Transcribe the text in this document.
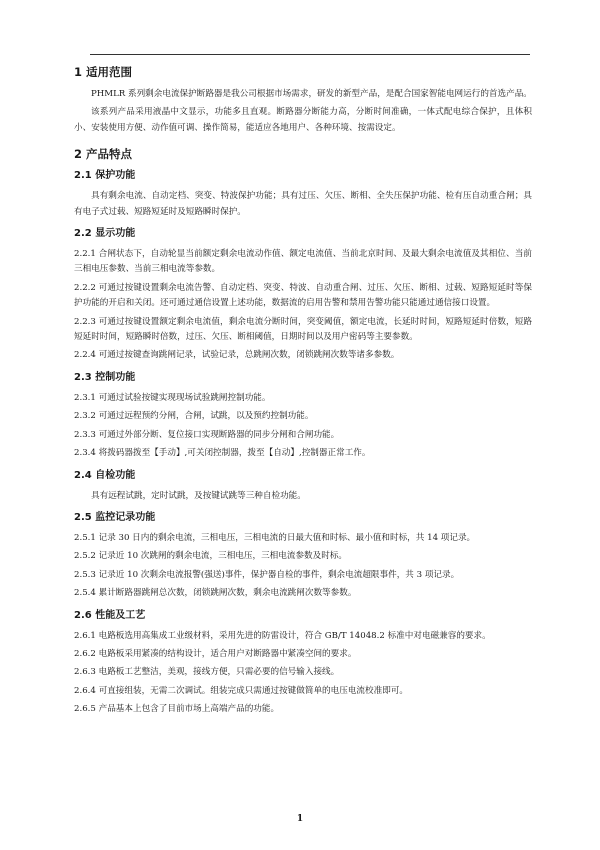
1 适用范围
PHMLR 系列剩余电流保护断路器是我公司根据市场需求，研发的新型产品，是配合国家智能电网运行的首选产品。
该系列产品采用液晶中文显示，功能多且直观。断路器分断能力高，分断时间准确，一体式配电综合保护，且体积小、安装使用方便、动作值可调、操作简易，能适应各地用户、各种环境、按需设定。
2 产品特点
2.1 保护功能
具有剩余电流、自动定档、突变、特波保护功能；具有过压、欠压、断相、全失压保护功能、检有压自动重合闸；具有电子式过载、短路短延时及短路瞬时保护。
2.2 显示功能
2.2.1 合闸状态下，自动轮显当前额定剩余电流动作值、额定电流值、当前北京时间、及最大剩余电流值及其相位、当前三相电压参数、当前三相电流等参数。
2.2.2 可通过按键设置剩余电流告警、自动定档、突变、特波、自动重合闸、过压、欠压、断相、过载、短路短延时等保护功能的开启和关闭。还可通过通信设置上述功能，数据流的启用告警和禁用告警功能只能通过通信接口设置。
2.2.3 可通过按键设置额定剩余电流值，剩余电流分断时间，突变阈值，额定电流，长延时时间，短路短延时倍数，短路短延时时间，短路瞬时倍数，过压、欠压、断相阈值，日期时间以及用户密码等主要参数。
2.2.4 可通过按键查询跳闸记录，试验记录，总跳闸次数，闭锁跳闸次数等诸多参数。
2.3 控制功能
2.3.1 可通过试验按键实现现场试验跳闸控制功能。
2.3.2 可通过远程预约分闸，合闸，试跳，以及预约控制功能。
2.3.3 可通过外部分断、复位接口实现断路器的同步分闸和合闸功能。
2.3.4 将拨码器拨至【手动】,可关闭控制器，拨至【自动】,控制器正常工作。
2.4 自检功能
具有远程试跳，定时试跳，及按键试跳等三种自检功能。
2.5 监控记录功能
2.5.1 记录 30 日内的剩余电流，三相电压，三相电流的日最大值和时标、最小值和时标，共 14 项记录。
2.5.2 记录近 10 次跳闸的剩余电流，三相电压，三相电流参数及时标。
2.5.3 记录近 10 次剩余电流报警(强送)事件，保护器自检的事件，剩余电流超限事件，共 3 项记录。
2.5.4 累计断路器跳闸总次数，闭锁跳闸次数，剩余电流跳闸次数等参数。
2.6 性能及工艺
2.6.1 电路板选用高集成工业级材料，采用先进的防雷设计，符合 GB/T 14048.2 标准中对电磁兼容的要求。
2.6.2 电路板采用紧凑的结构设计，适合用户对断路器中紧凑空间的要求。
2.6.3 电路板工艺整洁，美观，接线方便，只需必要的信号输入接线。
2.6.4 可直接组装，无需二次调试。组装完成只需通过按键做简单的电压电流校准即可。
2.6.5 产品基本上包含了目前市场上高端产品的功能。
1
